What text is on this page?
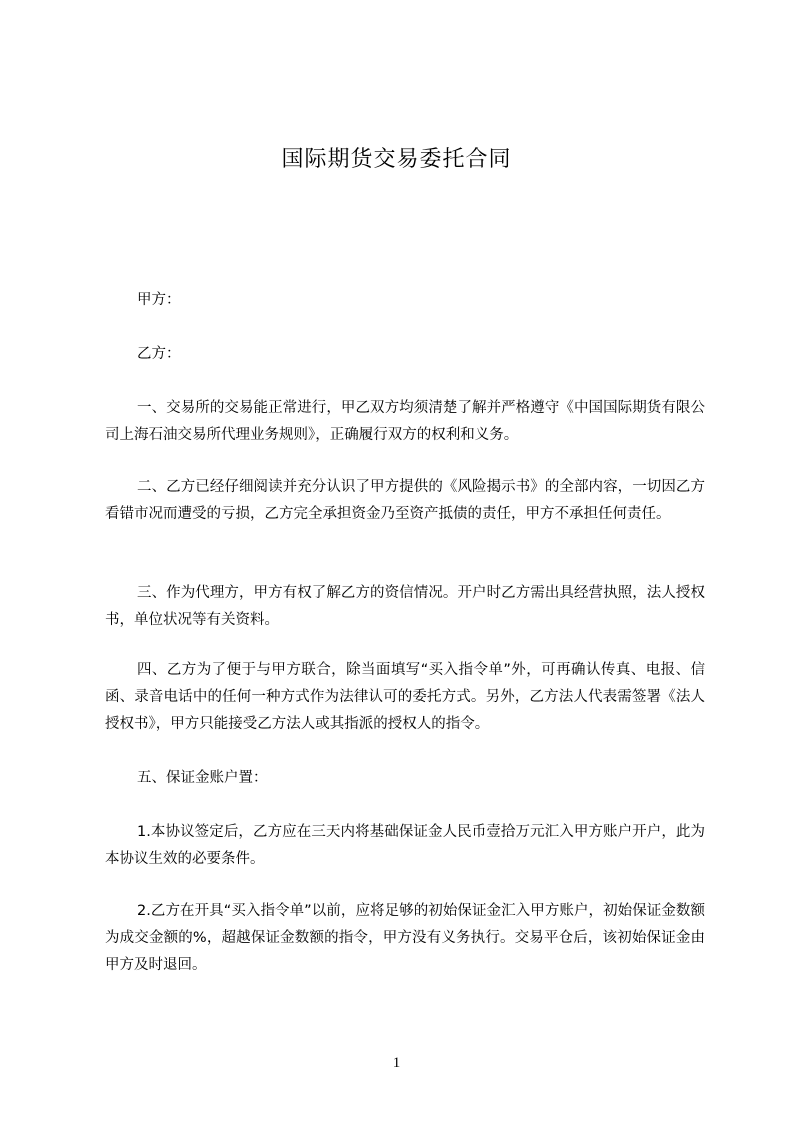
国际期货交易委托合同
甲方：
乙方：
一、交易所的交易能正常进行，甲乙双方均须清楚了解并严格遵守《中国国际期货有限公司上海石油交易所代理业务规则》，正确履行双方的权利和义务。
二、乙方已经仔细阅读并充分认识了甲方提供的《风险揭示书》的全部内容，一切因乙方看错市况而遭受的亏损，乙方完全承担资金乃至资产抵债的责任，甲方不承担任何责任。
三、作为代理方，甲方有权了解乙方的资信情况。开户时乙方需出具经营执照，法人授权书，单位状况等有关资料。
四、乙方为了便于与甲方联合，除当面填写“买入指令单”外，可再确认传真、电报、信函、录音电话中的任何一种方式作为法律认可的委托方式。另外，乙方法人代表需签署《法人授权书》，甲方只能接受乙方法人或其指派的授权人的指令。
五、保证金账户置：
1.本协议签定后，乙方应在三天内将基础保证金人民币壹拾万元汇入甲方账户开户，此为本协议生效的必要条件。
2.乙方在开具“买入指令单”以前，应将足够的初始保证金汇入甲方账户，初始保证金数额为成交金额的%，超越保证金数额的指令，甲方没有义务执行。交易平仓后，该初始保证金由甲方及时退回。
1
